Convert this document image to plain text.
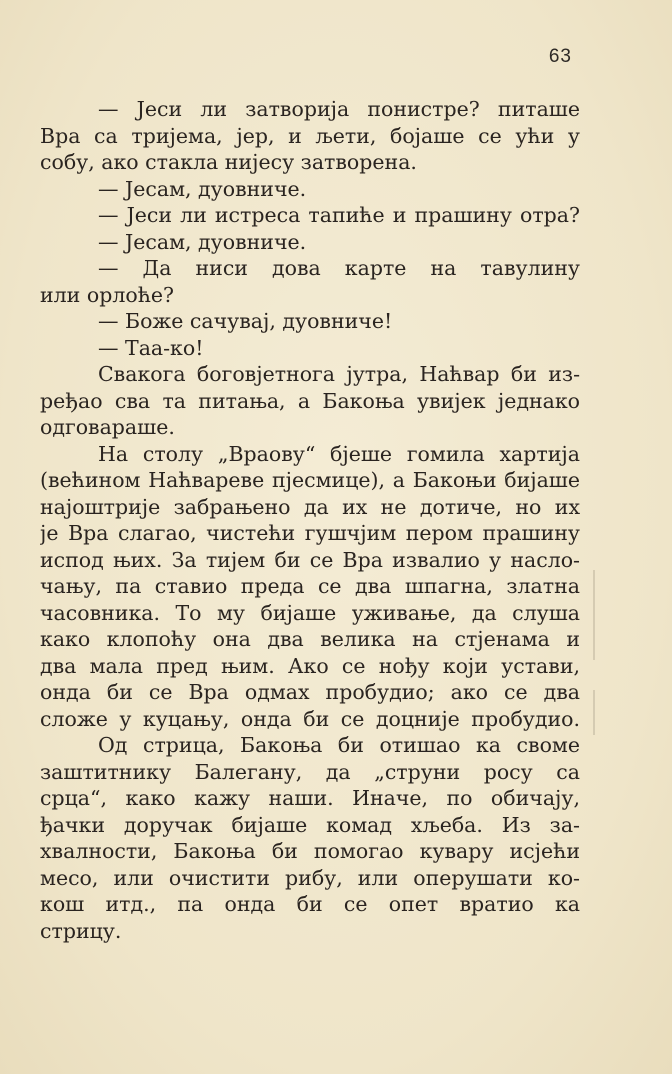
63
— Јеси ли затворија понистре? питаше
Вра са тријема, јер, и љети, бојаше се ући у
собу, ако стакла нијесу затворена.
— Јесам, дуовниче.
— Јеси ли истреса тапиће и прашину отра?
— Јесам, дуовниче.
— Да ниси дова карте на тавулину
или орлоће?
— Боже сачувај, дуовниче!
— Таа-ко!
Свакога боговјетнога јутра, Наћвар би из-
ређао сва та питања, а Бакоња увијек једнако
одговараше.
На столу „Враову“ бјеше гомила хартија
(већином Наћвареве пјесмице), а Бакоњи бијаше
најоштрије забрањено да их не дотиче, но их
је Вра слагао, чистећи гушчјим пером прашину
испод њих. За тијем би се Вра извалио у насло-
чању, па ставио преда се два шпагна, златна
часовника. То му бијаше уживање, да слуша
како клопоћу она два велика на стјенама и
два мала пред њим. Ако се нођу који устави,
онда би се Вра одмах пробудио; ако се два
сложе у куцању, онда би се доцније пробудио.
Од стрица, Бакоња би отишао ка своме
заштитнику Балегану, да „струни росу са
срца“, како кажу наши. Иначе, по обичају,
ђачки доручак бијаше комад хљеба. Из за-
хвалности, Бакоња би помогао кувару исјећи
месо, или очистити рибу, или оперушати ко-
кош итд., па онда би се опет вратио ка
стрицу.
